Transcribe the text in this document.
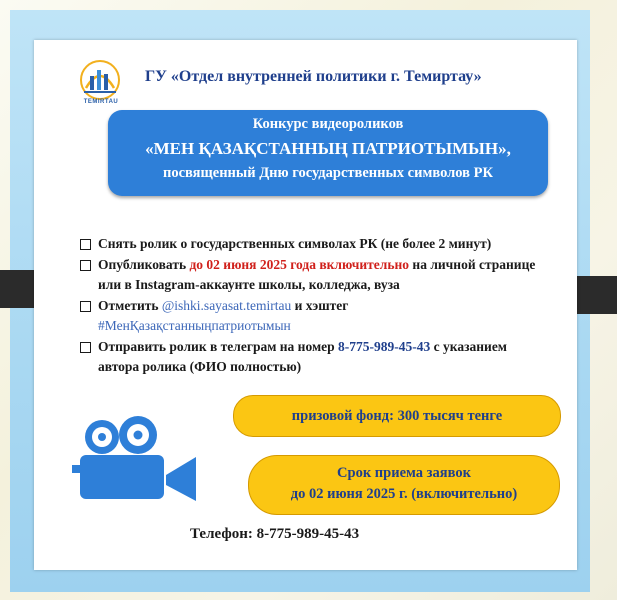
TEMIRTAU
ГУ «Отдел внутренней политики г. Темиртау»
Конкурс видеороликов
«МЕН ҚАЗАҚСТАННЫҢ ПАТРИОТЫМЫН»,
посвященный Дню государственных символов РК
Снять ролик о государственных символах РК (не более 2 минут)
Опубликовать до 02 июня 2025 года включительно на личной странице или в Instagram-аккаунте школы, колледжа, вуза
Отметить @ishki.sayasat.temirtau и хэштег
#МенҚазақстанныңпатриотымын
Отправить ролик в телеграм на номер 8-775-989-45-43 с указанием автора ролика (ФИО полностью)
призовой фонд: 300 тысяч тенге
Срок приема заявок
до 02 июня 2025 г. (включительно)
Телефон: 8-775-989-45-43
